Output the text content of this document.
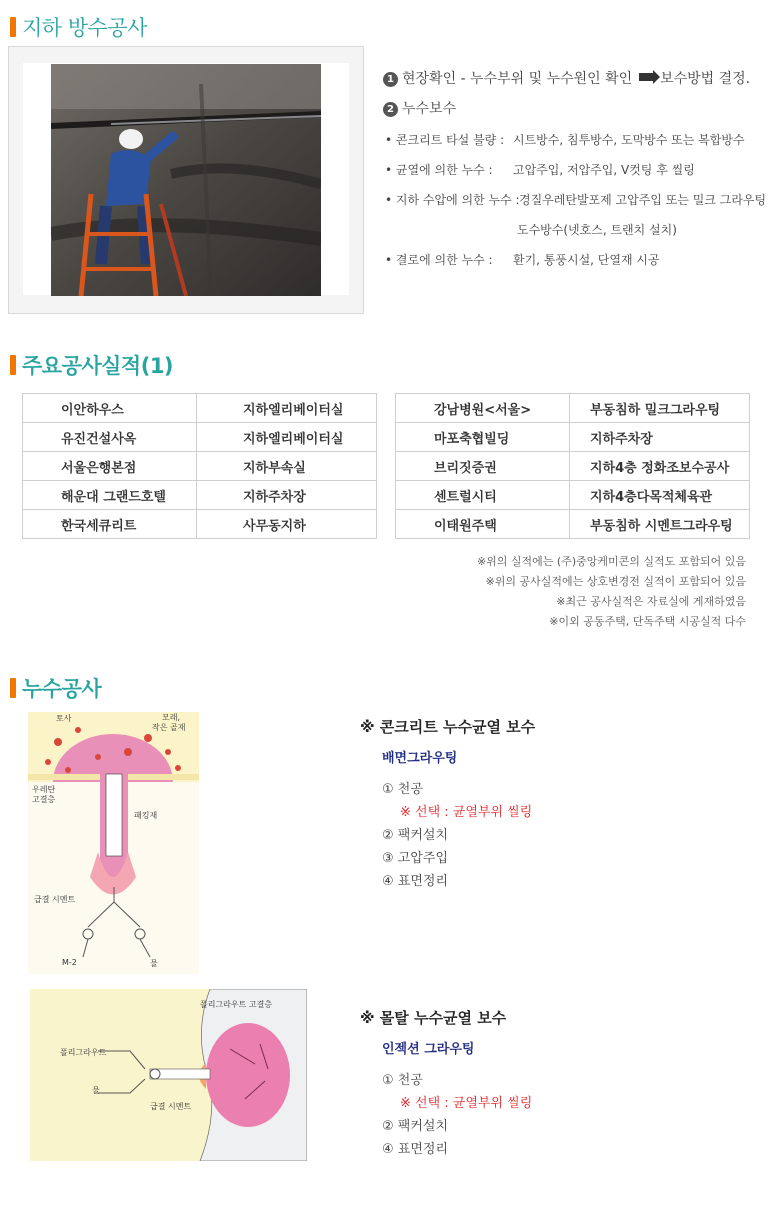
지하 방수공사
1 현장확인 - 누수부위 및 누수원인 확인 보수방법 결정.
2 누수보수
• 콘크리트 타설 불량 : 시트방수, 침투방수, 도막방수 또는 복합방수
• 균열에 의한 누수 : 고압주입, 저압주입, V컷팅 후 씰링
• 지하 수압에 의한 누수 : 경질우레탄발포제 고압주입 또는 밀크 그라우팅
도수방수(넷호스, 트랜치 설치)
• 결로에 의한 누수 : 환기, 통풍시설, 단열재 시공
주요공사실적(1)
이안하우스	지하엘리베이터실
유진건설사옥	지하엘리베이터실
서울은행본점	지하부속실
해운대 그랜드호텔	지하주차장
한국세큐리트	사무동지하
강남병원<서울>	부동침하 밀크그라우팅
마포축협빌딩	지하주차장
브리짓증권	지하4층 정화조보수공사
센트럴시티	지하4층다목적체육관
이태원주택	부동침하 시멘트그라우팅
※위의 실적에는 (주)중앙케미콘의 실적도 포함되어 있음
※위의 공사실적에는 상호변경전 실적이 포함되어 있음
※최근 공사실적은 자료실에 게재하였음
※이외 공동주택, 단독주택 시공실적 다수
누수공사
토사	모래,
작은 골재
우레탄
고결층
패킹재
급결 시멘트
M-2	물
※ 콘크리트 누수균열 보수
배면그라우팅
① 천공
※ 선택 : 균열부위 씰링
② 팩커설치
③ 고압주입
④ 표면정리
폴리그라우트 고결층
폴리그라우트
물
급결 시멘트
※ 몰탈 누수균열 보수
인젝션 그라우팅
① 천공
※ 선택 : 균열부위 씰링
② 팩커설치
④ 표면정리
